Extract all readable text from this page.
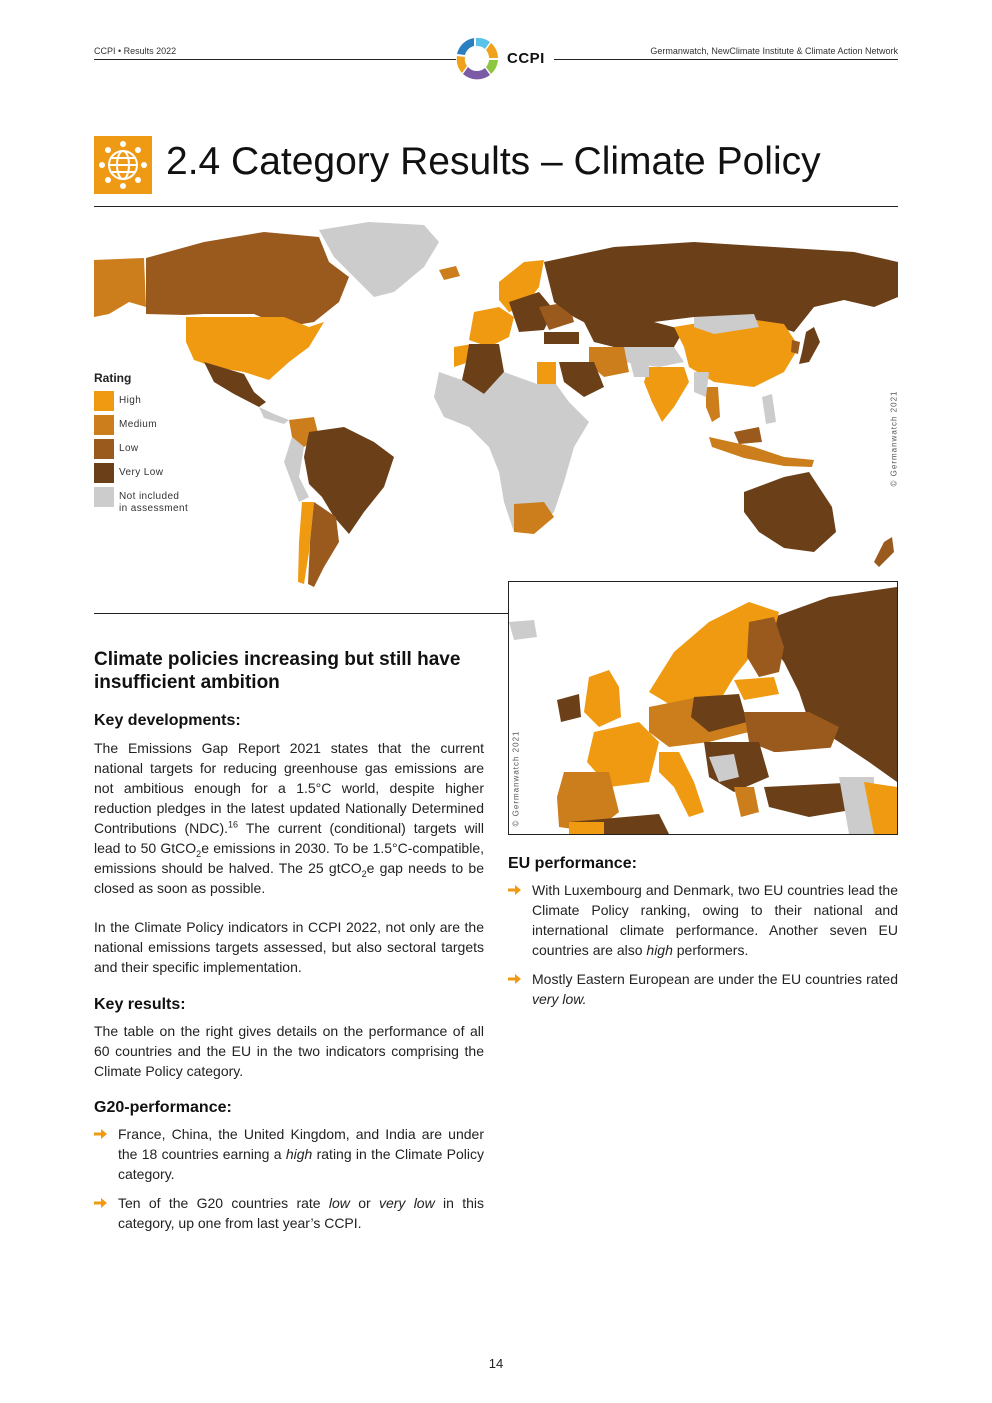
CCPI • Results 2022	Germanwatch, NewClimate Institute & Climate Action Network
CCPI
2.4 Category Results – Climate Policy
Rating
High
Medium
Low
Very Low
Not included
in assessment
© Germanwatch 2021
© Germanwatch 2021
Climate policies increasing but still have insufficient ambition
Key developments:
The Emissions Gap Report 2021 states that the current national targets for reducing greenhouse gas emissions are not ambitious enough for a 1.5°C world, despite higher reduction pledges in the latest updated Nationally Determined Contributions (NDC).$^{16}$ The current (conditional) targets will lead to 50 GtCO$_2$e emissions in 2030. To be 1.5°C-compatible, emissions should be halved. The 25 gtCO$_2$e gap needs to be closed as soon as possible.
In the Climate Policy indicators in CCPI 2022, not only are the national emissions targets assessed, but also sectoral targets and their specific implementation.
Key results:
The table on the right gives details on the performance of all 60 countries and the EU in the two indicators comprising the Climate Policy category.
G20-performance:
France, China, the United Kingdom, and India are under the 18 countries earning a high rating in the Climate Policy category.
Ten of the G20 countries rate low or very low in this category, up one from last year’s CCPI.
EU performance:
With Luxembourg and Denmark, two EU countries lead the Climate Policy ranking, owing to their national and international climate performance. Another seven EU countries are also high performers.
Mostly Eastern European are under the EU countries rated very low.
14
